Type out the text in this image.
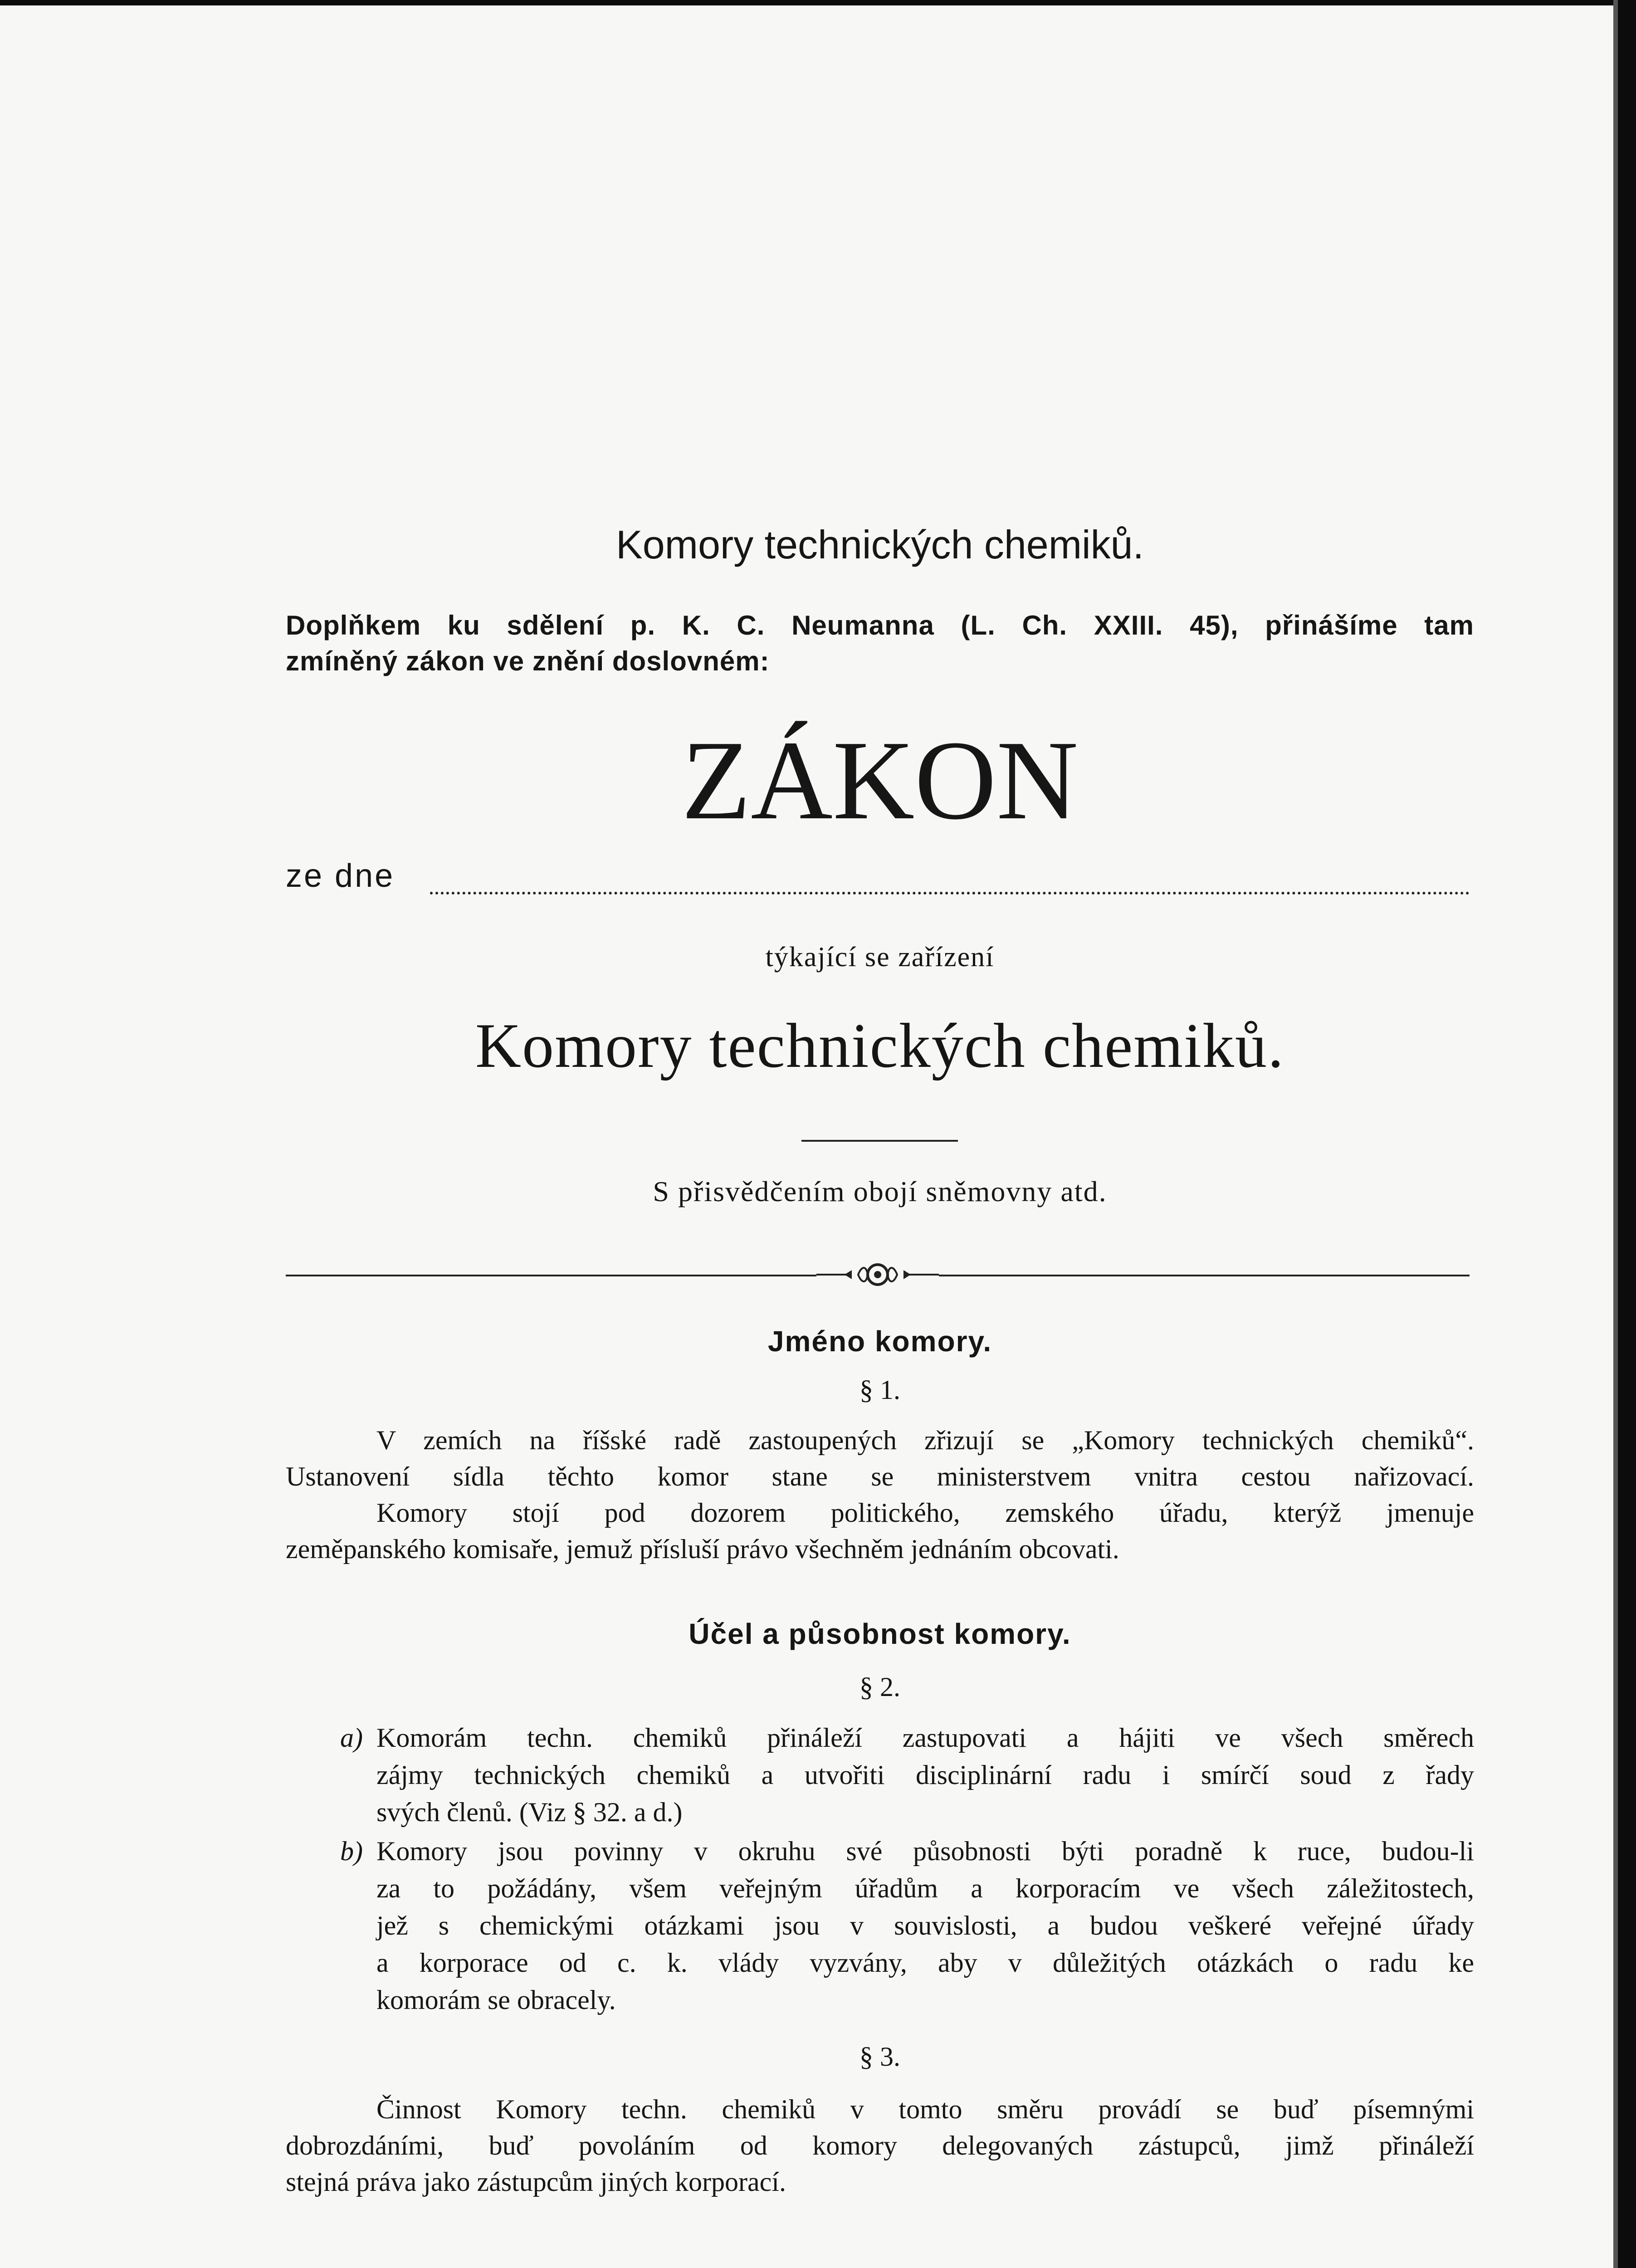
Komory technických chemiků.
Doplňkem ku sdělení p. K. C. Neumanna (L. Ch. XXIII. 45), přinášíme tam
zmíněný zákon ve znění doslovném:
ZÁKON
ze dne
týkající se zařízení
Komory technických chemiků.
S přisvědčením obojí sněmovny atd.
Jméno komory.
§ 1.
V zemích na říšské radě zastoupených zřizují se „Komory technických chemiků“.
Ustanovení sídla těchto komor stane se ministerstvem vnitra cestou nařizovací.
Komory stojí pod dozorem politického, zemského úřadu, kterýž jmenuje
zeměpanského komisaře, jemuž přísluší právo všechněm jednáním obcovati.
Účel a působnost komory.
§ 2.
a) Komorám techn. chemiků přináleží zastupovati a hájiti ve všech směrech
zájmy technických chemiků a utvořiti disciplinární radu i smírčí soud z řady
svých členů. (Viz § 32. a d.)
b) Komory jsou povinny v okruhu své působnosti býti poradně k ruce, budou-li
za to požádány, všem veřejným úřadům a korporacím ve všech záležitostech,
jež s chemickými otázkami jsou v souvislosti, a budou veškeré veřejné úřady
a korporace od c. k. vlády vyzvány, aby v důležitých otázkách o radu ke
komorám se obracely.
§ 3.
Činnost Komory techn. chemiků v tomto směru provádí se buď písemnými
dobrozdáními, buď povoláním od komory delegovaných zástupců, jimž přináleží
stejná práva jako zástupcům jiných korporací.
